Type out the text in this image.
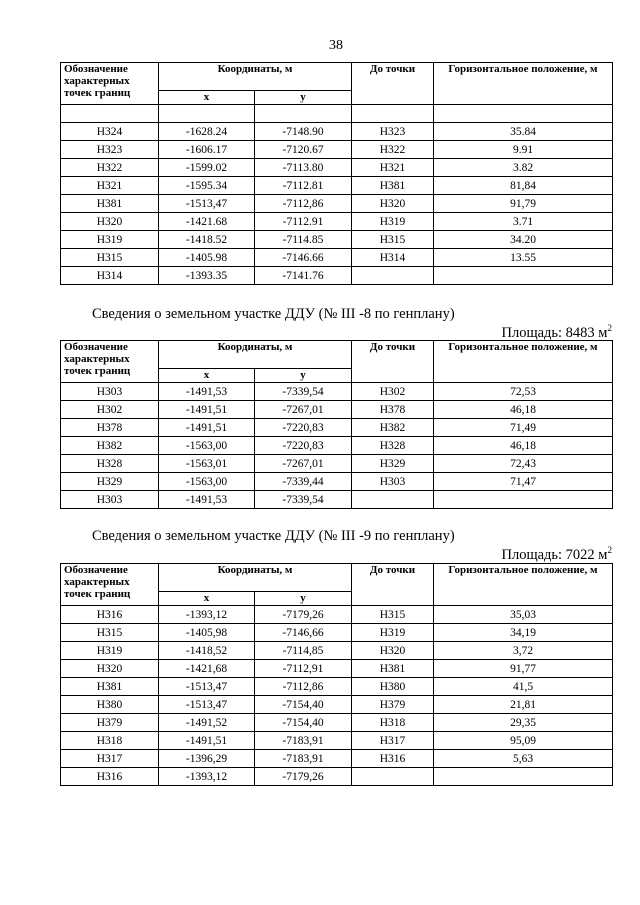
38
Обозначение характерных точек границ	Координаты, м		До точки	Горизонтальное положение, м
	х	у		

Н324	-1628.24	-7148.90	Н323	35.84
Н323	-1606.17	-7120.67	Н322	9.91
Н322	-1599.02	-7113.80	Н321	3.82
Н321	-1595.34	-7112.81	Н381	81,84
Н381	-1513,47	-7112,86	Н320	91,79
Н320	-1421.68	-7112.91	Н319	3.71
Н319	-1418.52	-7114.85	Н315	34.20
Н315	-1405.98	-7146.66	Н314	13.55
Н314	-1393.35	-7141.76		
Сведения о земельном участке ДДУ (№ III -8 по генплану)
Площадь: 8483 $м^2$
Обозначение характерных точек границ	Координаты, м		До точки	Горизонтальное положение, м
	х	у		
Н303	-1491,53	-7339,54	Н302	72,53
Н302	-1491,51	-7267,01	Н378	46,18
Н378	-1491,51	-7220,83	Н382	71,49
Н382	-1563,00	-7220,83	Н328	46,18
Н328	-1563,01	-7267,01	Н329	72,43
Н329	-1563,00	-7339,44	Н303	71,47
Н303	-1491,53	-7339,54		
Сведения о земельном участке ДДУ (№ III -9 по генплану)
Площадь: 7022 $м^2$
Обозначение характерных точек границ	Координаты, м		До точки	Горизонтальное положение, м
	х	у		
Н316	-1393,12	-7179,26	Н315	35,03
Н315	-1405,98	-7146,66	Н319	34,19
Н319	-1418,52	-7114,85	Н320	3,72
Н320	-1421,68	-7112,91	Н381	91,77
Н381	-1513,47	-7112,86	Н380	41,5
Н380	-1513,47	-7154,40	Н379	21,81
Н379	-1491,52	-7154,40	Н318	29,35
Н318	-1491,51	-7183,91	Н317	95,09
Н317	-1396,29	-7183,91	Н316	5,63
Н316	-1393,12	-7179,26		
